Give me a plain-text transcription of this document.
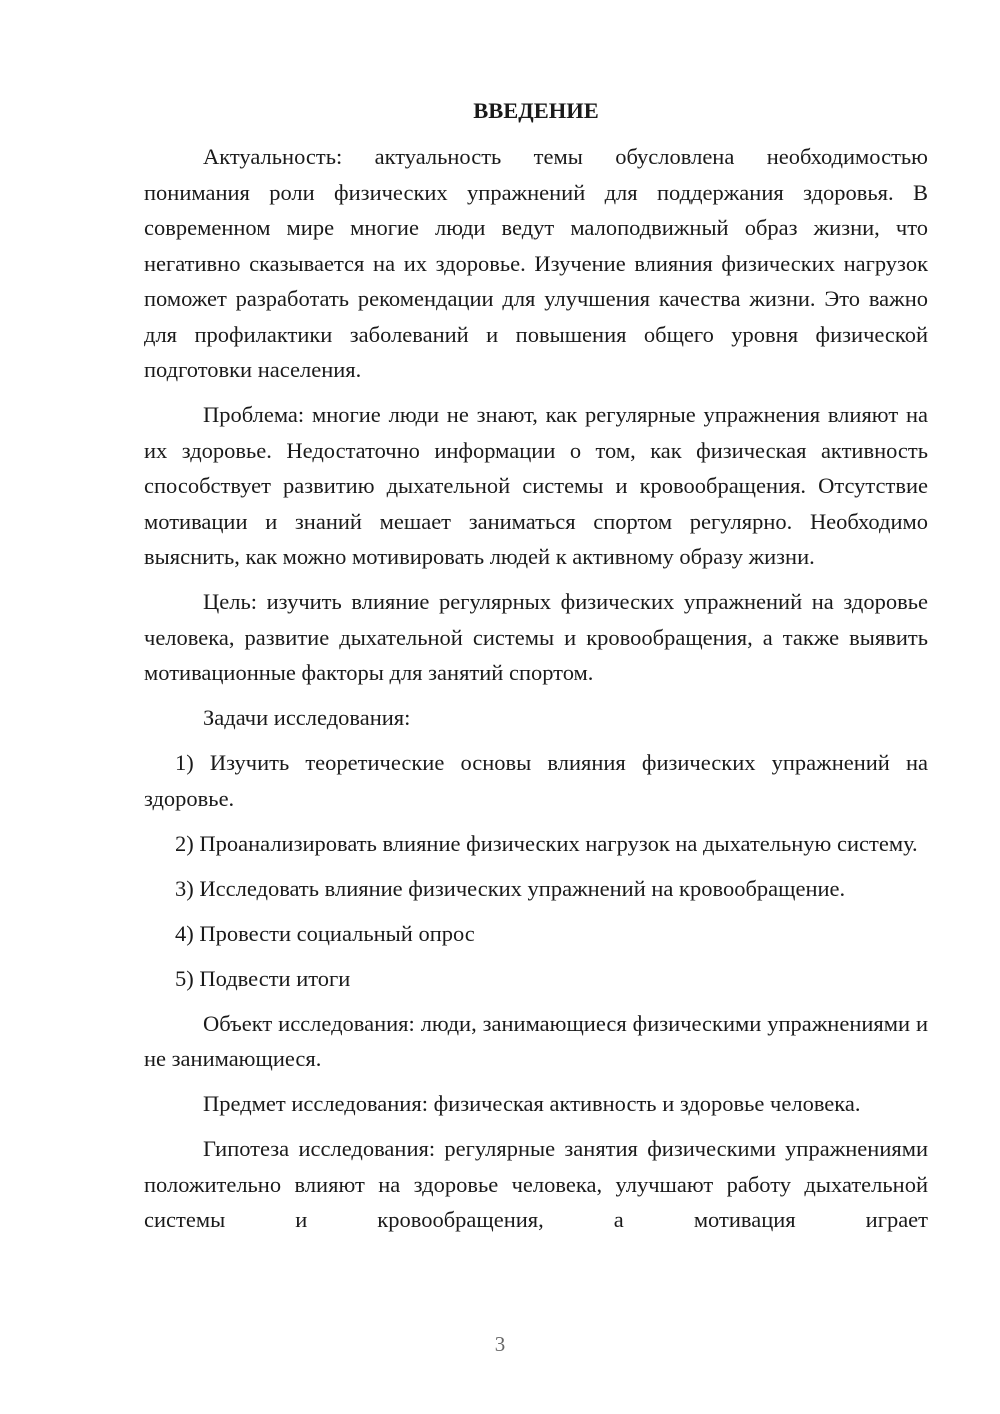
ВВЕДЕНИЕ

Актуальность: актуальность темы обусловлена необходимостью понимания роли физических упражнений для поддержания здоровья. В современном мире многие люди ведут малоподвижный образ жизни, что негативно сказывается на их здоровье. Изучение влияния физических нагрузок поможет разработать рекомендации для улучшения качества жизни. Это важно для профилактики заболеваний и повышения общего уровня физической подготовки населения.

Проблема: многие люди не знают, как регулярные упражнения влияют на их здоровье. Недостаточно информации о том, как физическая активность способствует развитию дыхательной системы и кровообращения. Отсутствие мотивации и знаний мешает заниматься спортом регулярно. Необходимо выяснить, как можно мотивировать людей к активному образу жизни.

Цель: изучить влияние регулярных физических упражнений на здоровье человека, развитие дыхательной системы и кровообращения, а также выявить мотивационные факторы для занятий спортом.

Задачи исследования:

1) Изучить теоретические основы влияния физических упражнений на здоровье.

2) Проанализировать влияние физических нагрузок на дыхательную систему.

3) Исследовать влияние физических упражнений на кровообращение.

4) Провести социальный опрос

5) Подвести итоги

Объект исследования: люди, занимающиеся физическими упражнениями и не занимающиеся.

Предмет исследования: физическая активность и здоровье человека.

Гипотеза исследования: регулярные занятия физическими упражнениями положительно влияют на здоровье человека, улучшают работу дыхательной системы и кровообращения, а мотивация играет

3
